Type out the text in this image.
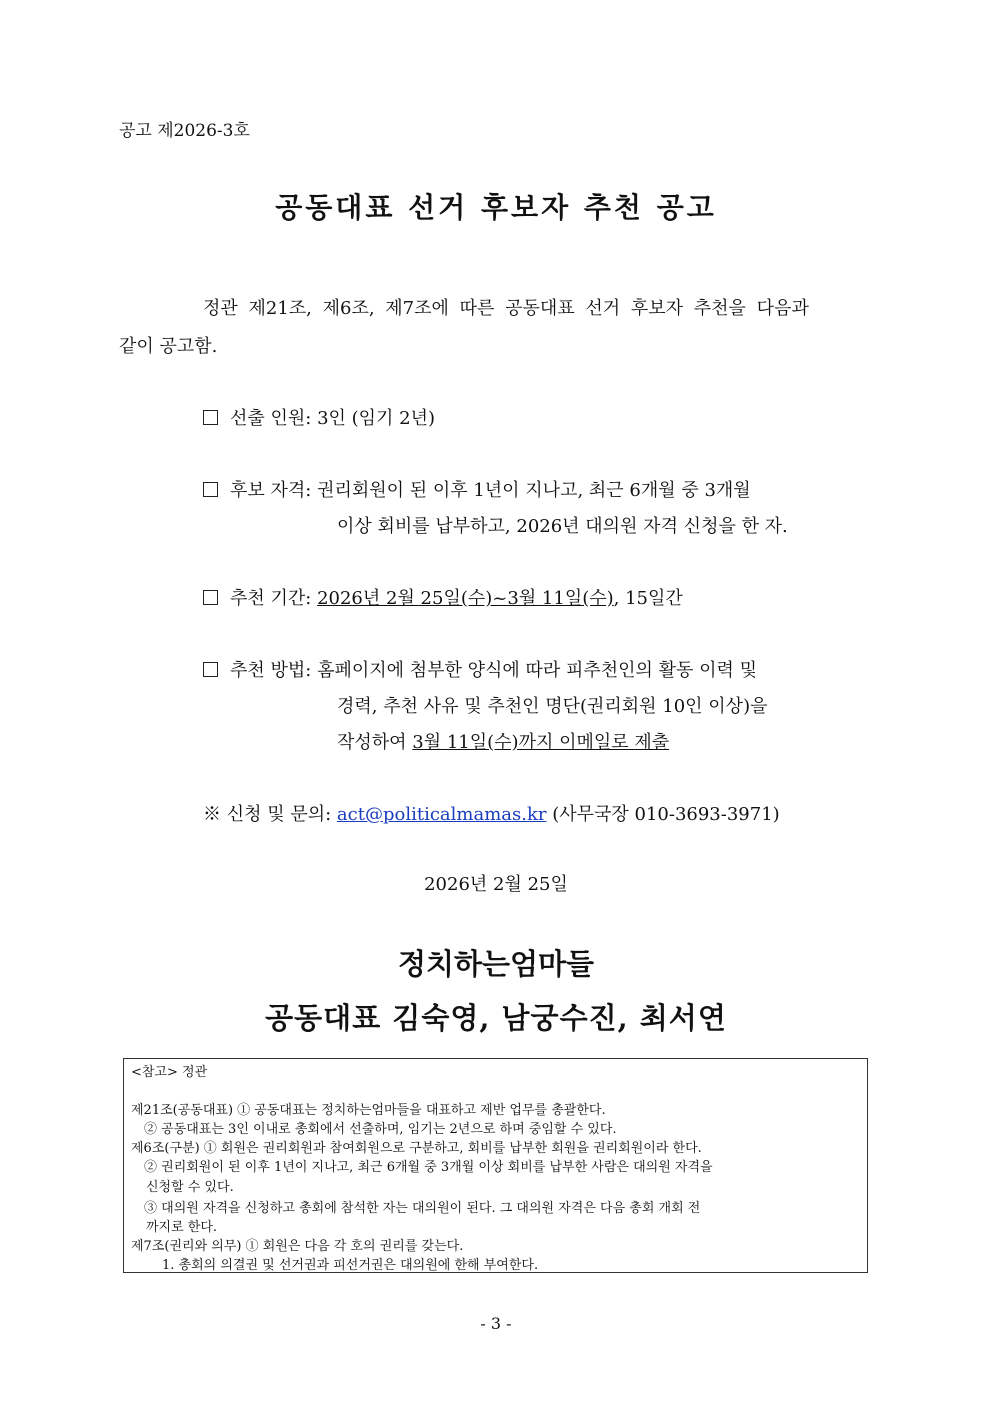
공고 제2026-3호
공동대표 선거 후보자 추천 공고
정관 제21조, 제6조, 제7조에 따른 공동대표 선거 후보자 추천을 다음과
같이 공고함.
선출 인원: 3인 (임기 2년)
후보 자격: 권리회원이 된 이후 1년이 지나고, 최근 6개월 중 3개월
이상 회비를 납부하고, 2026년 대의원 자격 신청을 한 자.
추천 기간: 2026년 2월 25일(수)~3월 11일(수), 15일간
추천 방법: 홈페이지에 첨부한 양식에 따라 피추천인의 활동 이력 및
경력, 추천 사유 및 추천인 명단(권리회원 10인 이상)을
작성하여 3월 11일(수)까지 이메일로 제출
※ 신청 및 문의: act@politicalmamas.kr (사무국장 010-3693-3971)
2026년 2월 25일
정치하는엄마들
공동대표 김숙영, 남궁수진, 최서연
<참고> 정관
제21조(공동대표) ① 공동대표는 정치하는엄마들을 대표하고 제반 업무를 총괄한다.
② 공동대표는 3인 이내로 총회에서 선출하며, 임기는 2년으로 하며 중임할 수 있다.
제6조(구분) ① 회원은 권리회원과 참여회원으로 구분하고, 회비를 납부한 회원을 권리회원이라 한다.
② 권리회원이 된 이후 1년이 지나고, 최근 6개월 중 3개월 이상 회비를 납부한 사람은 대의원 자격을
신청할 수 있다.
③ 대의원 자격을 신청하고 총회에 참석한 자는 대의원이 된다. 그 대의원 자격은 다음 총회 개회 전
까지로 한다.
제7조(권리와 의무) ① 회원은 다음 각 호의 권리를 갖는다.
1. 총회의 의결권 및 선거권과 피선거권은 대의원에 한해 부여한다.
- 3 -
